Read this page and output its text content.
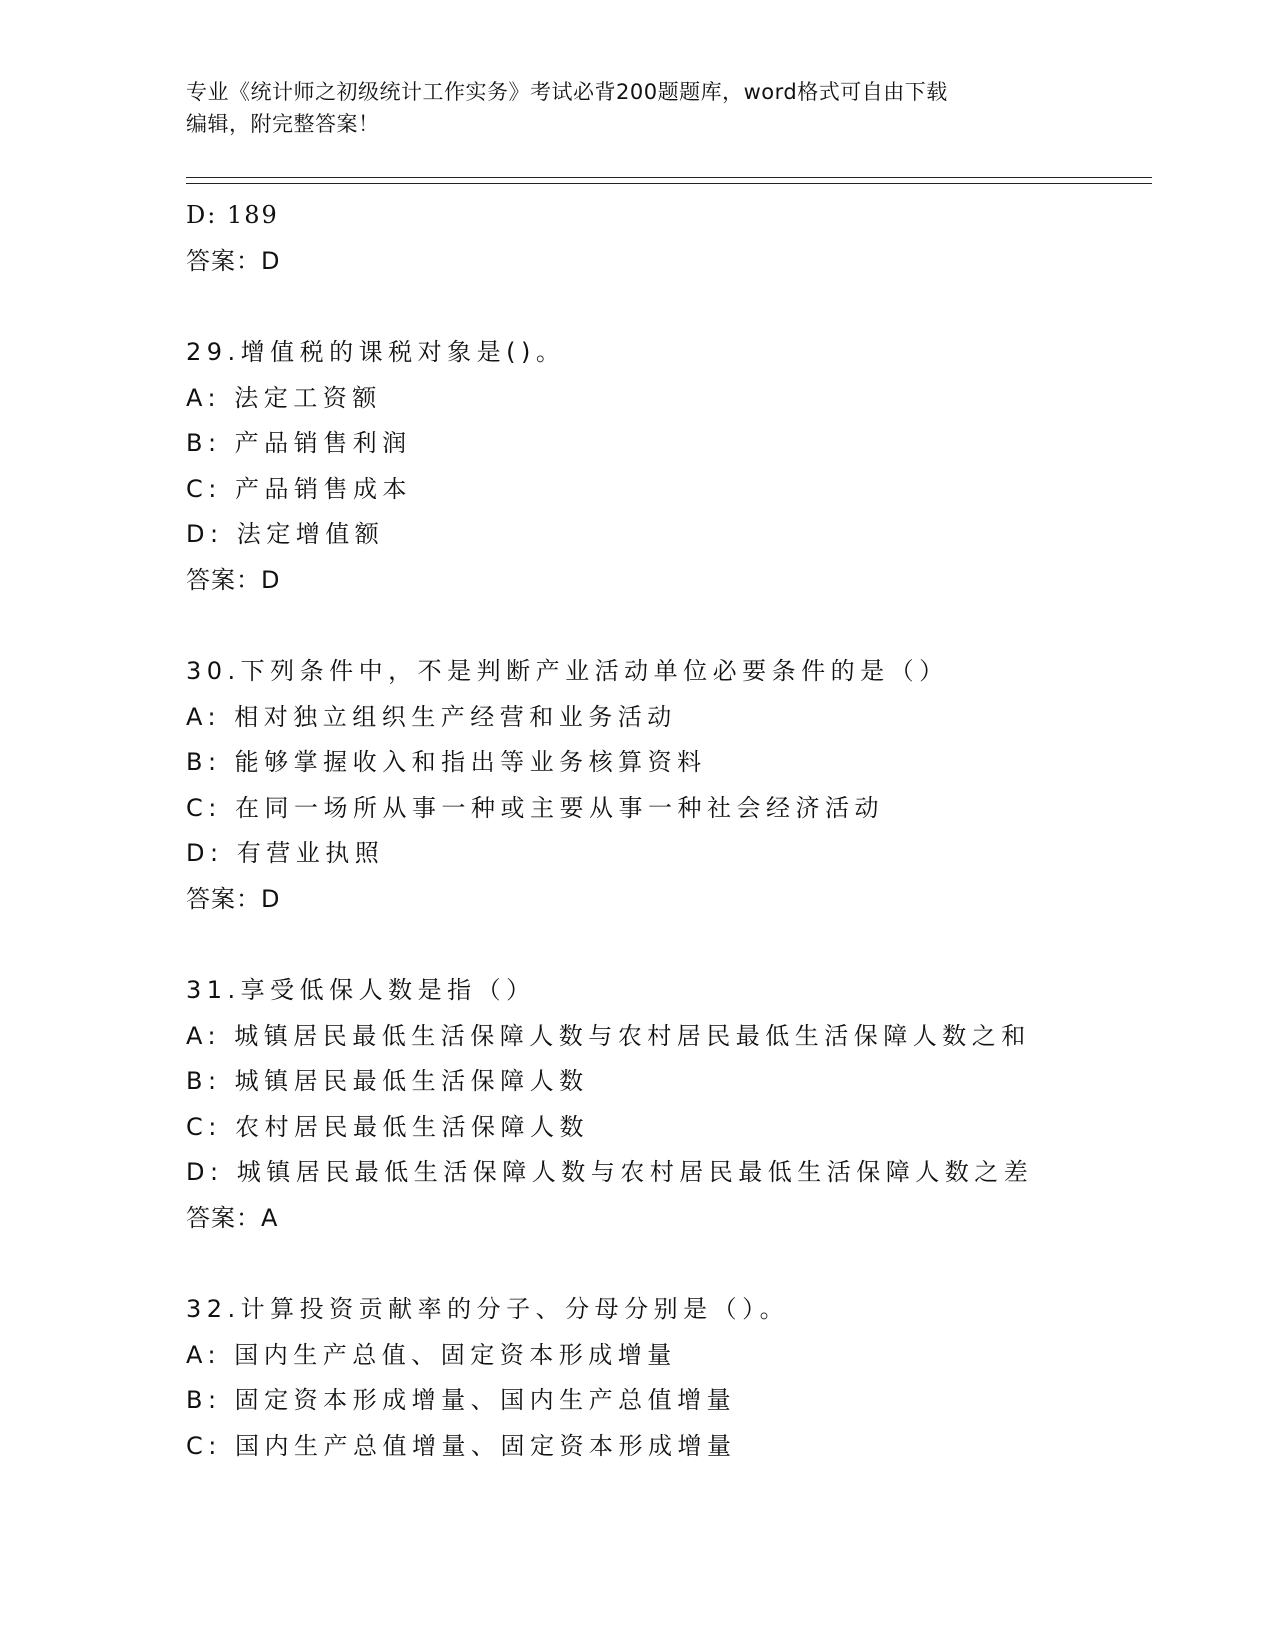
专业《统计师之初级统计工作实务》考试必背200题题库，word格式可自由下载
编辑，附完整答案！
D: 189
答案：D
29.增值税的课税对象是()。
A: 法定工资额
B: 产品销售利润
C: 产品销售成本
D: 法定增值额
答案：D
30.下列条件中，不是判断产业活动单位必要条件的是（）
A: 相对独立组织生产经营和业务活动
B: 能够掌握收入和指出等业务核算资料
C: 在同一场所从事一种或主要从事一种社会经济活动
D: 有营业执照
答案：D
31.享受低保人数是指（）
A: 城镇居民最低生活保障人数与农村居民最低生活保障人数之和
B: 城镇居民最低生活保障人数
C: 农村居民最低生活保障人数
D: 城镇居民最低生活保障人数与农村居民最低生活保障人数之差
答案：A
32.计算投资贡献率的分子、分母分别是（）。
A: 国内生产总值、固定资本形成增量
B: 固定资本形成增量、国内生产总值增量
C: 国内生产总值增量、固定资本形成增量
